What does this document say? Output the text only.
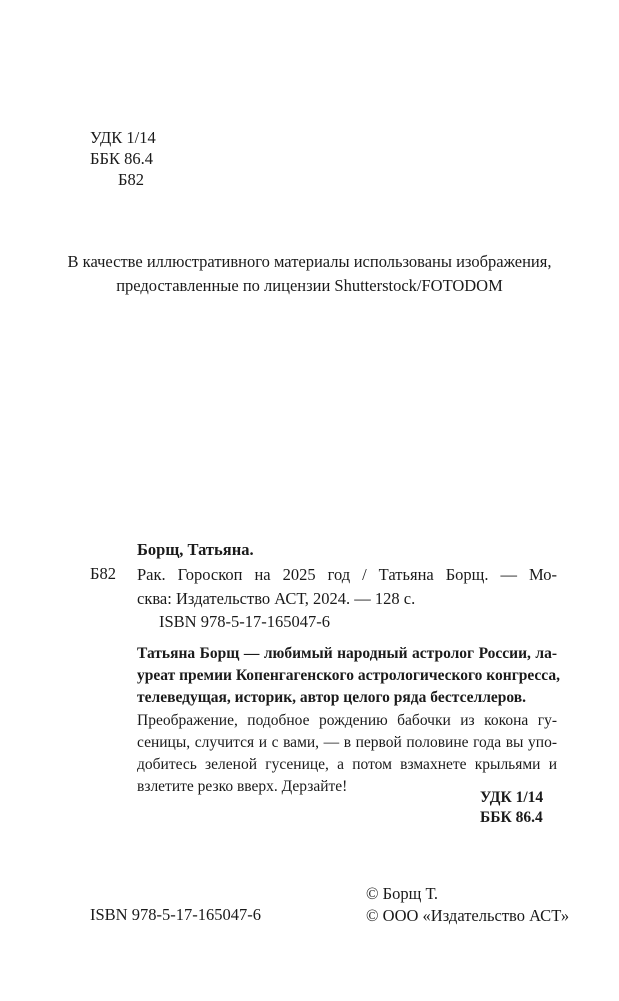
УДК 1/14
ББК 86.4
Б82
В качестве иллюстративного материалы использованы изображения,
предоставленные по лицензии Shutterstock/FOTODOM
Борщ, Татьяна.
Б82 Рак. Гороскоп на 2025 год / Татьяна Борщ. — Мо-
сква: Издательство АСТ, 2024. — 128 с.
ISBN 978-5-17-165047-6
Татьяна Борщ — любимый народный астролог России, ла-
уреат премии Копенгагенского астрологического конгресса,
телеведущая, историк, автор целого ряда бестселлеров.
Преображение, подобное рождению бабочки из кокона гу-
сеницы, случится и с вами, — в первой половине года вы упо-
добитесь зеленой гусенице, а потом взмахнете крыльями и
взлетите резко вверх. Дерзайте!
УДК 1/14
ББК 86.4
ISBN 978-5-17-165047-6
© Борщ Т.
© ООО «Издательство АСТ»
